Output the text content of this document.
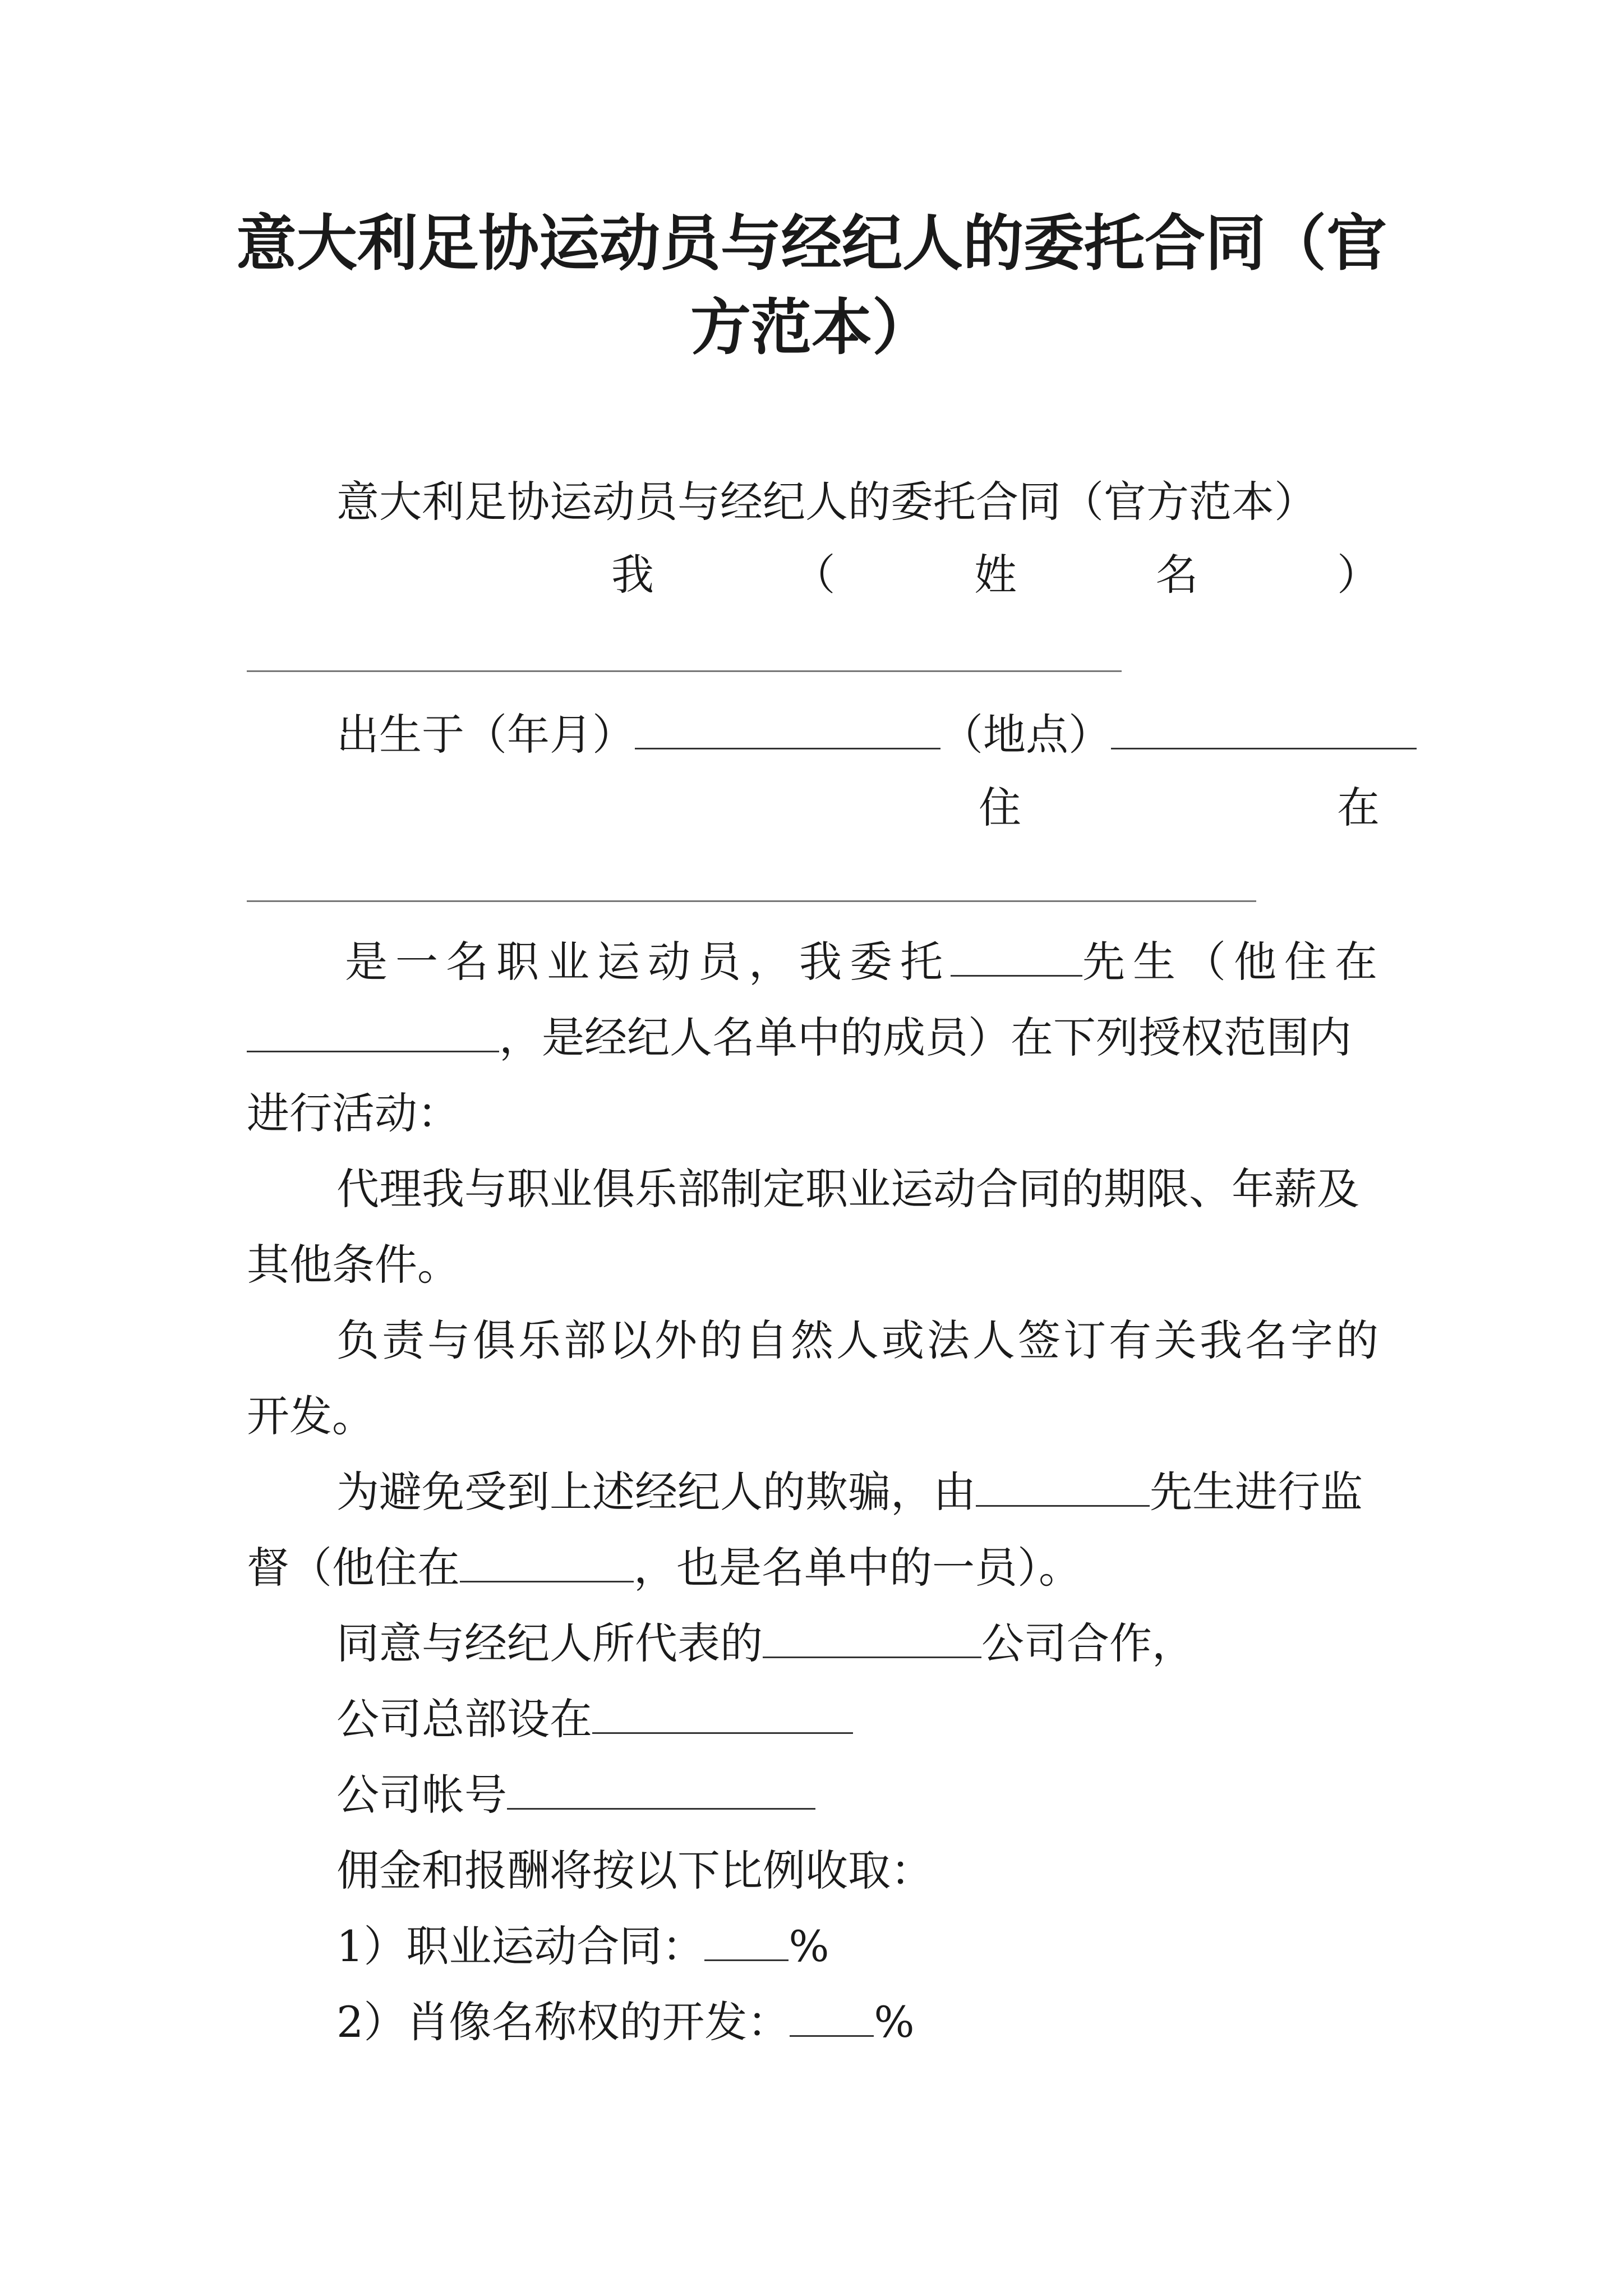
意大利足协运动员与经纪人的委托合同（官
方范本）
意大利足协运动员与经纪人的委托合同（官方范本）
我	（	姓	名	）
出生于（年月）	（地点）
住	在
是一名职业运动员，我委托	先生（他住在
，是经纪人名单中的成员）在下列授权范围内
进行活动：
代理我与职业俱乐部制定职业运动合同的期限、年薪及
其他条件。
负责与俱乐部以外的自然人或法人签订有关我名字的
开发。
为避免受到上述经纪人的欺骗，由	先生进行监
督（他住在	，也是名单中的一员）。
同意与经纪人所代表的	公司合作，
公司总部设在
公司帐号
佣金和报酬将按以下比例收取：
1）职业运动合同： %
2）肖像名称权的开发： %
